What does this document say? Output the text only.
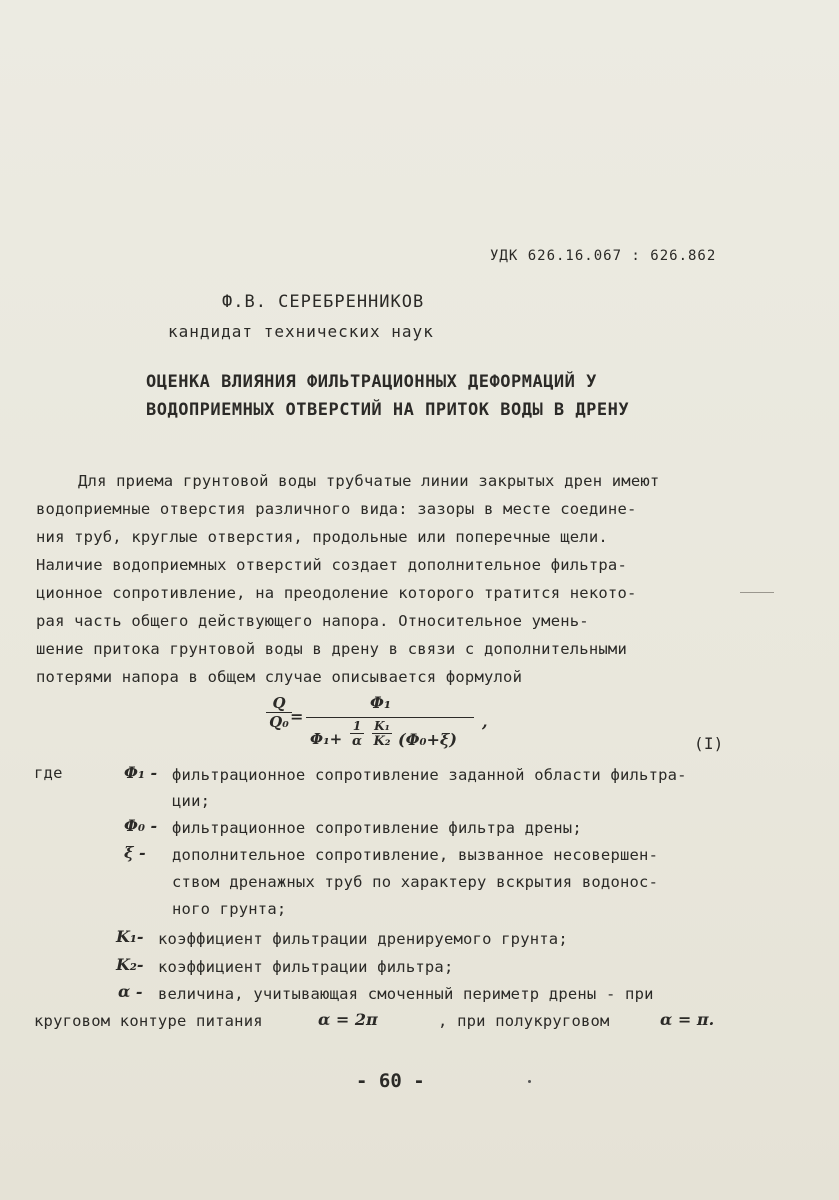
УДК 626.16.067 : 626.862
Ф.В. СЕРЕБРЕННИКОВ
кандидат технических наук
ОЦЕНКА ВЛИЯНИЯ ФИЛЬТРАЦИОННЫХ ДЕФОРМАЦИЙ У
ВОДОПРИЕМНЫХ ОТВЕРСТИЙ НА ПРИТОК ВОДЫ В ДРЕНУ
Для приема грунтовой воды трубчатые линии закрытых дрен имеют
водоприемные отверстия различного вида: зазоры в месте соедине-
ния труб, круглые отверстия, продольные или поперечные щели.
Наличие водоприемных отверстий создает дополнительное фильтра-
ционное сопротивление, на преодоление которого тратится некото-
рая часть общего действующего напора. Относительное умень-
шение притока грунтовой воды в дрену в связи с дополнительными
потерями напора в общем случае описывается формулой
Q
Q₀ =
Φ₁
Φ₁+
1
α
K₁
K₂ (Φ₀+ξ)
,
(I)
где	Φ₁ - фильтрационное сопротивление заданной области фильтра-
ции;
Φ₀ - фильтрационное сопротивление фильтра дрены;
ξ - дополнительное сопротивление, вызванное несовершен-
ством дренажных труб по характеру вскрытия водонос-
ного грунта;
K₁- коэффициент фильтрации дренируемого грунта;
K₂- коэффициент фильтрации фильтра;
α - величина, учитывающая смоченный периметр дрены - при
круговом контуре питания	α = 2π	, при полукруговом	α = π.
- 60 -
